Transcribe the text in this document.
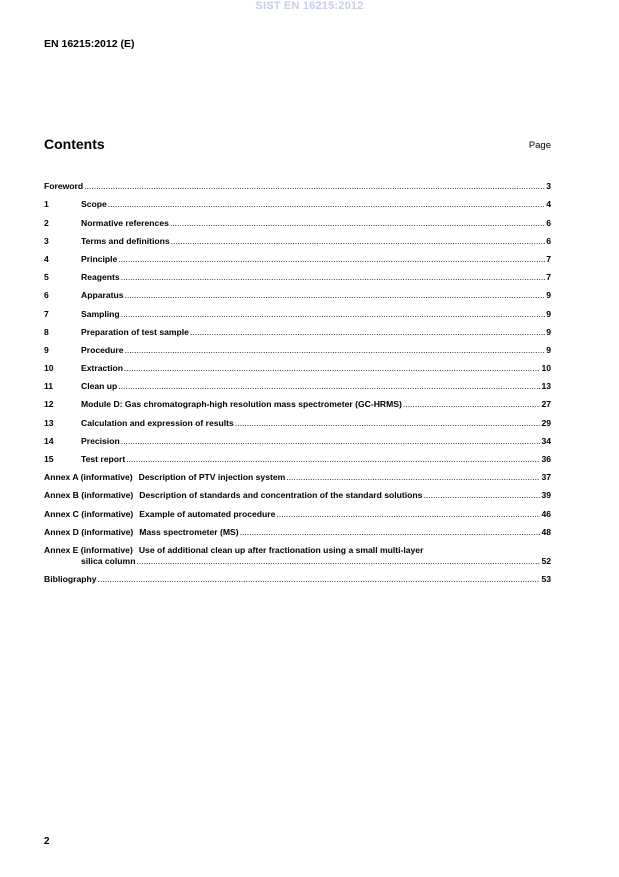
SIST EN 16215:2012
EN 16215:2012 (E)
Contents	Page
Foreword .....	3
1	Scope .....	4
2	Normative references .....	6
3	Terms and definitions .....	6
4	Principle .....	7
5	Reagents .....	7
6	Apparatus .....	9
7	Sampling .....	9
8	Preparation of test sample .....	9
9	Procedure .....	9
10	Extraction .....	10
11	Clean up .....	13
12	Module D: Gas chromatograph-high resolution mass spectrometer (GC-HRMS) .....	27
13	Calculation and expression of results .....	29
14	Precision .....	34
15	Test report .....	36
Annex A (informative) Description of PTV injection system .....	37
Annex B (informative) Description of standards and concentration of the standard solutions .....	39
Annex C (informative) Example of automated procedure .....	46
Annex D (informative) Mass spectrometer (MS) .....	48
Annex E (informative) Use of additional clean up after fractionation using a small multi-layer
silica column .....	52
Bibliography .....	53
2
